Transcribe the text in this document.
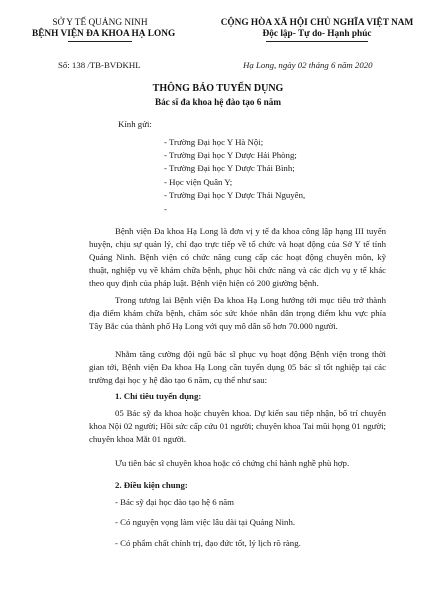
SỞ Y TẾ QUẢNG NINH
BỆNH VIỆN ĐA KHOA HẠ LONG
CỘNG HÒA XÃ HỘI CHỦ NGHĨA VIỆT NAM
Độc lập- Tự do- Hạnh phúc
Số: 138 /TB-BVĐKHL	Hạ Long, ngày 02 tháng 6 năm 2020
THÔNG BÁO TUYỂN DỤNG
Bác sĩ đa khoa hệ đào tạo 6 năm
Kính gửi:
- Trường Đại học Y Hà Nội;
- Trường Đại học Y Dược Hải Phòng;
- Trường Đại học Y Dược Thái Bình;
- Học viện Quân Y;
- Trường Đại học Y Dược Thái Nguyên,
-
Bệnh viện Đa khoa Hạ Long là đơn vị y tế đa khoa công lập hạng III tuyến huyện, chịu sự quản lý, chỉ đạo trực tiếp về tổ chức và hoạt động của Sở Y tế tỉnh Quảng Ninh. Bệnh viện có chức năng cung cấp các hoạt động chuyên môn, kỹ thuật, nghiệp vụ về khám chữa bệnh, phục hồi chức năng và các dịch vụ y tế khác theo quy định của pháp luật. Bệnh viện hiện có 200 giường bệnh.
Trong tương lai Bệnh viện Đa khoa Hạ Long hướng tới mục tiêu trở thành địa điểm khám chữa bệnh, chăm sóc sức khỏe nhân dân trọng điểm khu vực phía Tây Bắc của thành phố Hạ Long với quy mô dân số hơn 70.000 người.
Nhằm tăng cường đội ngũ bác sĩ phục vụ hoạt động Bệnh viện trong thời gian tới, Bệnh viện Đa khoa Hạ Long cần tuyển dụng 05 bác sĩ tốt nghiệp tại các trường đại học y hệ đào tạo 6 năm, cụ thể như sau:
1. Chỉ tiêu tuyển dụng:
05 Bác sỹ đa khoa hoặc chuyên khoa. Dự kiến sau tiếp nhận, bố trí chuyên khoa Nội 02 người; Hồi sức cấp cứu 01 người; chuyên khoa Tai mũi họng 01 người; chuyên khoa Mắt 01 người.
Ưu tiên bác sĩ chuyên khoa hoặc có chứng chỉ hành nghề phù hợp.
2. Điều kiện chung:
- Bác sỹ đại học đào tạo hệ 6 năm
- Có nguyện vọng làm việc lâu dài tại Quảng Ninh.
- Có phẩm chất chính trị, đạo đức tốt, lý lịch rõ ràng.
